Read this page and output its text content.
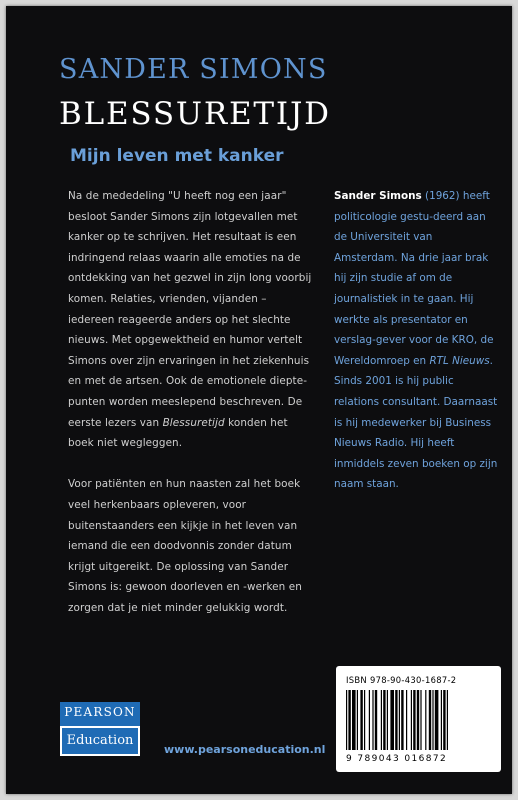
SANDER SIMONS
BLESSURETIJD
Mijn leven met kanker

Na de mededeling "U heeft nog een jaar" besloot Sander Simons zijn lotgevallen met kanker op te schrijven. Het resultaat is een indringend relaas waarin alle emoties na de ontdekking van het gezwel in zijn long voorbij komen. Relaties, vrienden, vijanden – iedereen reageerde anders op het slechte nieuws. Met opgewektheid en humor vertelt Simons over zijn ervaringen in het ziekenhuis en met de artsen. Ook de emotionele diepte-punten worden meeslepend beschreven. De eerste lezers van Blessuretijd konden het boek niet wegleggen.

Voor patiënten en hun naasten zal het boek veel herkenbaars opleveren, voor buitenstaanders een kijkje in het leven van iemand die een doodvonnis zonder datum krijgt uitgereikt. De oplossing van Sander Simons is: gewoon doorleven en -werken en zorgen dat je niet minder gelukkig wordt.

Sander Simons (1962) heeft politicologie gestu-deerd aan de Universiteit van Amsterdam. Na drie jaar brak hij zijn studie af om de journalistiek in te gaan. Hij werkte als presentator en verslag-gever voor de KRO, de Wereldomroep en RTL Nieuws. Sinds 2001 is hij public relations consultant. Daarnaast is hij medewerker bij Business Nieuws Radio. Hij heeft inmiddels zeven boeken op zijn naam staan.
ISBN 978-90-430-1687-2
9 789043 016872
PEARSON
Education
www.pearsoneducation.nl
